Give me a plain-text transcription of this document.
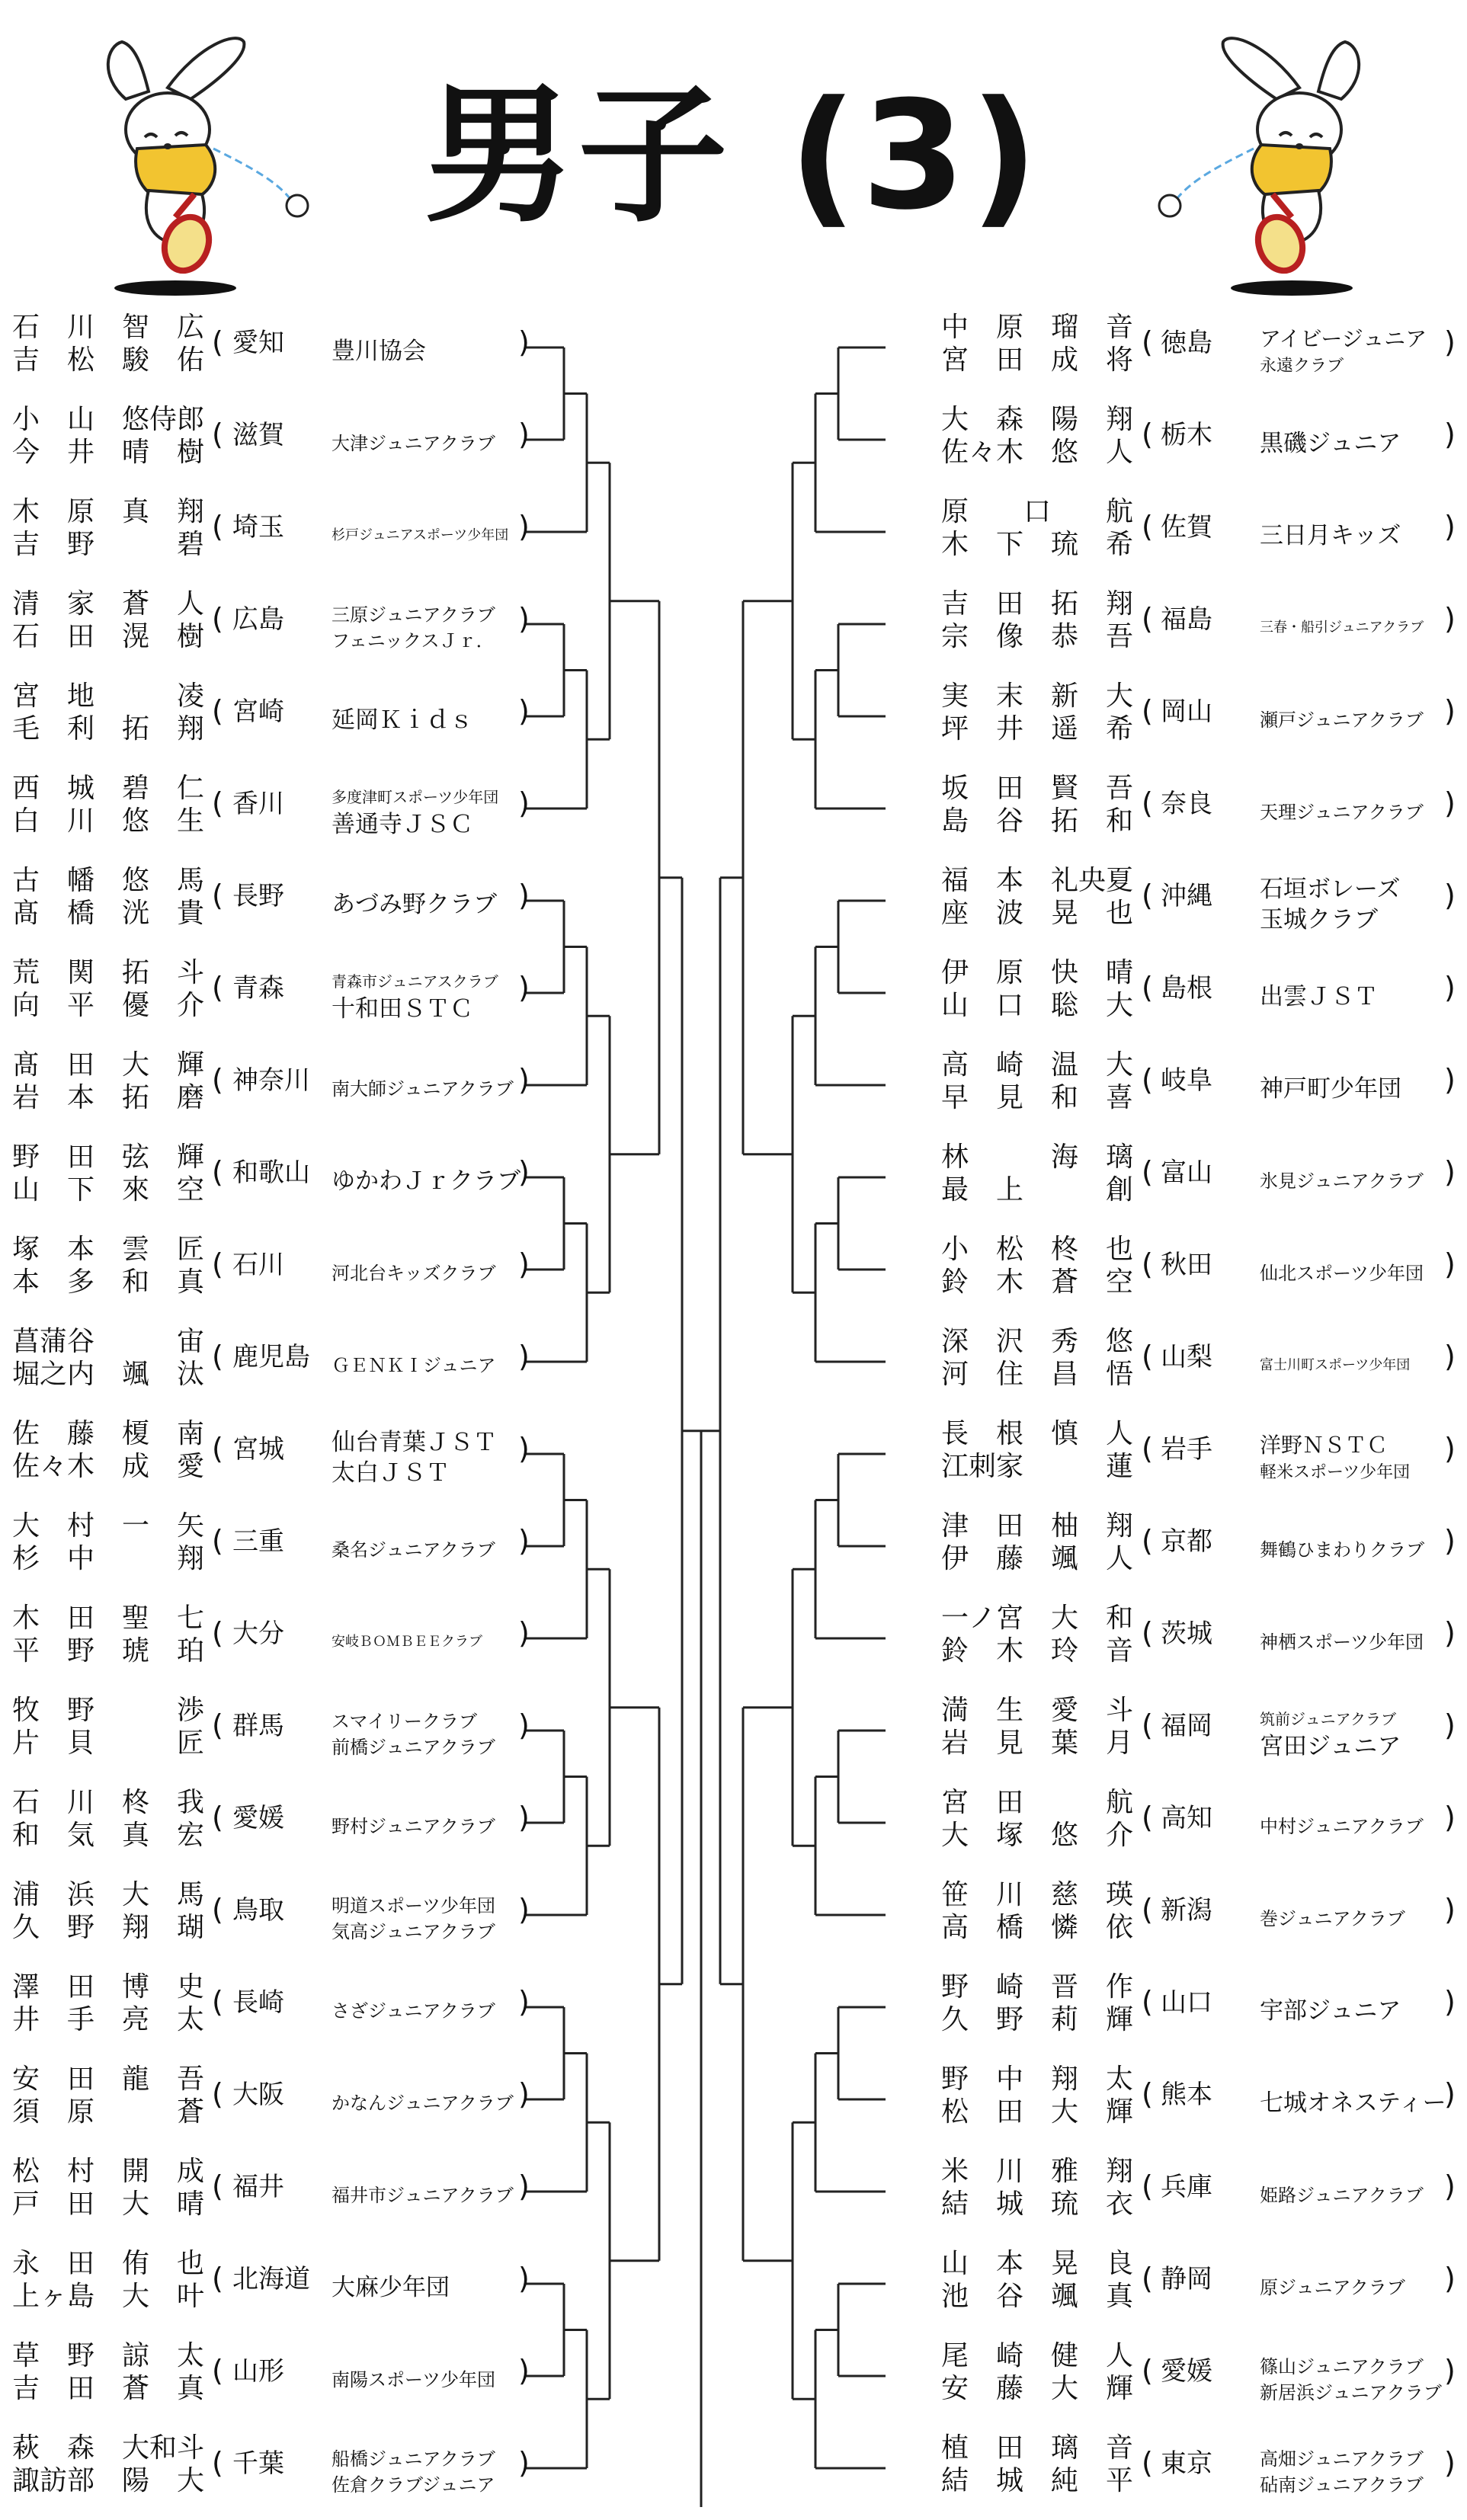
男子 (3)
石　川　智　広
吉　松　駿　佑
( 愛知 豊川協会	)
小　山　悠侍郎
今　井　晴　樹
( 滋賀	大津ジュニアクラブ )
木　原　真　翔
吉　野　　　碧
( 埼玉	杉戸ジュニアスポーツ少年団 )
清　家　蒼　人
石　田　滉　樹
( 広島	三原ジュニアクラブ
フェニックスＪｒ．
)
宮　地　　　凌
毛　利　拓　翔
( 宮崎 延岡Ｋｉｄｓ	)
西　城　碧　仁
白　川　悠　生
( 香川	多度津町スポーツ少年団
善通寺ＪＳＣ
)
古　幡　悠　馬
髙　橋　洸　貴
( 長野 あづみ野クラブ )
荒　関　拓　斗
向　平　優　介
( 青森	青森市ジュニアスクラブ
十和田ＳＴＣ
)
髙　田　大　輝
岩　本　拓　磨
( 神奈川 南大師ジュニアクラブ )
野　田　弦　輝
山　下　來　空
( 和歌山 ゆかわＪｒクラブ
)
塚　本　雲　匠
本　多　和　真
( 石川	河北台キッズクラブ )
菖蒲谷　　　宙
堀之内　颯　汰
( 鹿児島 ＧＥＮＫＩジュニア )
佐　藤　榎　南
佐々木　成　愛
( 宮城 仙台青葉ＪＳＴ
太白ＪＳＴ
)
大　村　一　矢
杉　中　　　翔
( 三重	桑名ジュニアクラブ )
木　田　聖　七
平　野　琥　珀
( 大分	安岐ＢＯＭＢＥＥクラブ	)
牧　野　　　渉
片　貝　　　匠
( 群馬	スマイリークラブ
前橋ジュニアクラブ
)
石　川　柊　我
和　気　真　宏
( 愛媛	野村ジュニアクラブ )
浦　浜　大　馬
久　野　翔　瑚
( 鳥取	明道スポーツ少年団
気高ジュニアクラブ
)
澤　田　博　史
井　手　亮　太
( 長崎	さざジュニアクラブ )
安　田　龍　吾
須　原　　　蒼
( 大阪	かなんジュニアクラブ )
松　村　開　成
戸　田　大　晴
( 福井	福井市ジュニアクラブ )
永　田　侑　也
上ヶ島　大　叶
( 北海道 大麻少年団	)
草　野　諒　太
吉　田　蒼　真
( 山形	南陽スポーツ少年団 )
萩　森　大和斗
諏訪部　陽　大
( 千葉	船橋ジュニアクラブ
佐倉クラブジュニア
)
中　原　瑠　音
宮　田　成　将
( 徳島 アイビージュニア
永遠クラブ
)
大　森　陽　翔
佐々木　悠　人
( 栃木 黒磯ジュニア	)
原　　口　　航
木　下　琉　希
( 佐賀 三日月キッズ	)
吉　田　拓　翔
宗　像　恭　吾
( 福島	三春・船引ジュニアクラブ )
実　末　新　大
坪　井　遥　希
( 岡山	瀬戸ジュニアクラブ )
坂　田　賢　吾
島　谷　拓　和
( 奈良	天理ジュニアクラブ )
福　本　礼央夏
座　波　晃　也
( 沖縄 石垣ボレーズ
玉城クラブ
)
伊　原　快　晴
山　口　聡　大
( 島根 出雲ＪＳＴ	)
高　崎　温　大
早　見　和　喜
( 岐阜 神戸町少年団	)
林　　　海　璃
最　上　　　創
( 富山	氷見ジュニアクラブ )
小　松　柊　也
鈴　木　蒼　空
( 秋田	仙北スポーツ少年団 )
深　沢　秀　悠
河　住　昌　悟
( 山梨	富士川町スポーツ少年団	)
長　根　慎　人
江刺家　　　蓮
( 岩手 洋野ＮＳＴＣ
軽米スポーツ少年団
)
津　田　柚　翔
伊　藤　颯　人
( 京都	舞鶴ひまわりクラブ )
一ノ宮　大　和
鈴　木　玲　音
( 茨城	神栖スポーツ少年団 )
満　生　愛　斗
岩　見　葉　月
( 福岡	筑前ジュニアクラブ
宮田ジュニア
)
宮　田　　　航
大　塚　悠　介
( 高知	中村ジュニアクラブ )
笹　川　慈　瑛
高　橋　憐　依
( 新潟	巻ジュニアクラブ	)
野　崎　晋　作
久　野　莉　輝
( 山口 宇部ジュニア	)
野　中　翔　太
松　田　大　輝
( 熊本 七城オネスティー
)
米　川　雅　翔
結　城　琉　衣
( 兵庫	姫路ジュニアクラブ )
山　本　晃　良
池　谷　颯　真
( 静岡	原ジュニアクラブ	)
尾　崎　健　人
安　藤　大　輝
( 愛媛	篠山ジュニアクラブ
新居浜ジュニアクラブ
)
植　田　璃　音
結　城　純　平
( 東京	高畑ジュニアクラブ
砧南ジュニアクラブ
)
